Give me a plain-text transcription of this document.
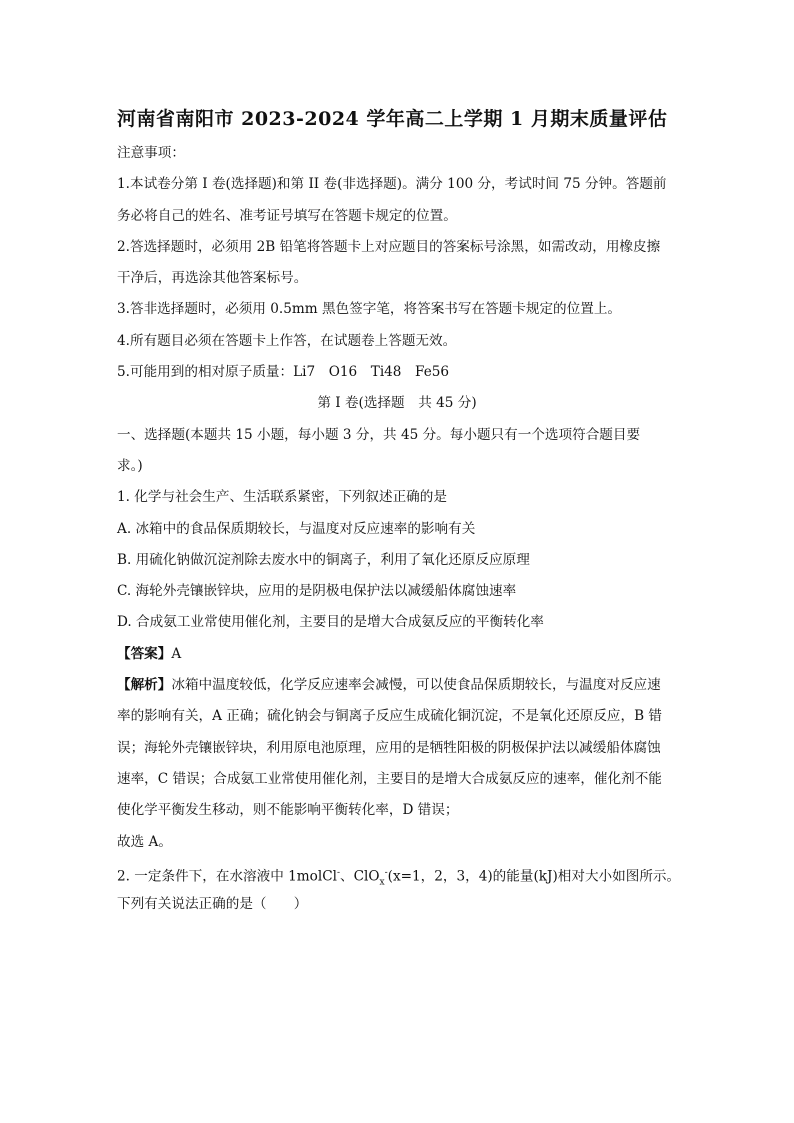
河南省南阳市 2023-2024 学年高二上学期 1 月期末质量评估
注意事项：
1.本试卷分第 I 卷(选择题)和第 II 卷(非选择题)。满分 100 分，考试时间 75 分钟。答题前
务必将自己的姓名、准考证号填写在答题卡规定的位置。
2.答选择题时，必须用 2B 铅笔将答题卡上对应题目的答案标号涂黑，如需改动，用橡皮擦
干净后，再选涂其他答案标号。
3.答非选择题时，必须用 0.5mm 黑色签字笔，将答案书写在答题卡规定的位置上。
4.所有题目必须在答题卡上作答，在试题卷上答题无效。
5.可能用到的相对原子质量：Li7　O16　Ti48　Fe56
第 I 卷(选择题　共 45 分)
一、选择题(本题共 15 小题，每小题 3 分，共 45 分。每小题只有一个选项符合题目要
求。)
1. 化学与社会生产、生活联系紧密，下列叙述正确的是
A. 冰箱中的食品保质期较长，与温度对反应速率的影响有关
B. 用硫化钠做沉淀剂除去废水中的铜离子，利用了氧化还原反应原理
C. 海轮外壳镶嵌锌块，应用的是阴极电保护法以减缓船体腐蚀速率
D. 合成氨工业常使用催化剂，主要目的是增大合成氨反应的平衡转化率
【答案】A
【解析】冰箱中温度较低，化学反应速率会减慢，可以使食品保质期较长，与温度对反应速
率的影响有关，A 正确；硫化钠会与铜离子反应生成硫化铜沉淀，不是氧化还原反应，B 错
误；海轮外壳镶嵌锌块，利用原电池原理，应用的是牺牲阳极的阴极保护法以减缓船体腐蚀
速率，C 错误；合成氨工业常使用催化剂，主要目的是增大合成氨反应的速率，催化剂不能
使化学平衡发生移动，则不能影响平衡转化率，D 错误；
故选 A。
2. 一定条件下，在水溶液中 1molCl-、ClO$_x$-(x=1，2，3，4)的能量(kJ)相对大小如图所示。
下列有关说法正确的是（　　）
